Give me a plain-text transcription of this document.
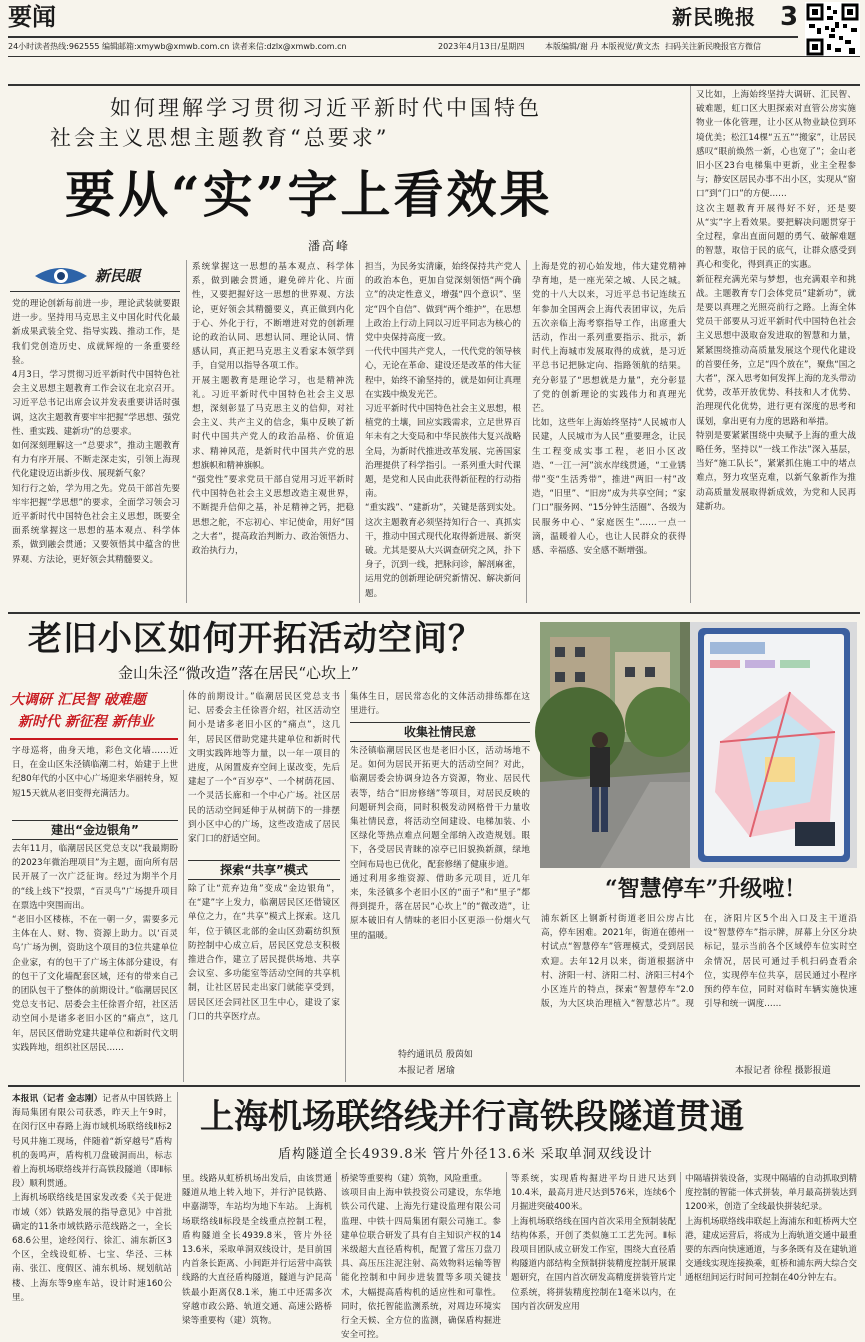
要闻	新民晚报 3
24小时读者热线:962555 编辑邮箱:xmywb@xmwb.com.cn 读者来信:dzlx@xmwb.com.cn	2023年4月13日/星期四	本版编辑/谢 丹 本版视觉/黄文杰 扫码关注新民晚报官方微信
如何理解学习贯彻习近平新时代中国特色
社会主义思想主题教育“总要求”
要从“实”字上看效果
潘高峰
新民眼
党的理论创新每前进一步，理论武装就要跟进一步。坚持用马克思主义中国化时代化最新成果武装全党、指导实践、推动工作，是我们党创造历史、成就辉煌的一条重要经验。
4月3日，学习贯彻习近平新时代中国特色社会主义思想主题教育工作会议在北京召开。习近平总书记出席会议并发表重要讲话时强调，这次主题教育要牢牢把握“学思想、强党性、重实践、建新功”的总要求。
如何深刻理解这一“总要求”，推动主题教育有力有序开展、不断走深走实，引领上海现代化建设迈出新步伐、展现新气象？
知行行之始，学为用之先。党员干部首先要牢牢把握“学思想”的要求，全面学习领会习近平新时代中国特色社会主义思想，既要全面系统掌握这一思想的基本观点、科学体系，做到融会贯通；又要领悟其中蕴含的世界观、方法论，更好领会其精髓要义。
系统掌握这一思想的基本观点、科学体系，做到融会贯通，避免碎片化、片面性，又要把握好这一思想的世界观、方法论，更好领会其精髓要义，真正做到内化于心、外化于行，不断增进对党的创新理论的政治认同、思想认同、理论认同、情感认同，真正把马克思主义看家本领学到手，自觉用以指导各项工作。
开展主题教育是理论学习，也是精神洗礼。习近平新时代中国特色社会主义思想，深刻彰显了马克思主义的信仰，对社会主义、共产主义的信念，集中反映了新时代中国共产党人的政治品格、价值追求、精神风范，是新时代中国共产党的思想旗帜和精神旗帜。
“强党性”要求党员干部自觉用习近平新时代中国特色社会主义思想改造主观世界，不断提升信仰之基，补足精神之钙，把稳思想之舵，不忘初心、牢记使命，用好“国之大者”，提高政治判断力、政治领悟力、政治执行力，
担当，为民务实清廉，始终保持共产党人的政治本色，更加自觉深刻领悟“两个确立”的决定性意义，增强“四个意识”、坚定“四个自信”、做到“两个维护”，在思想上政治上行动上同以习近平同志为核心的党中央保持高度一致。
一代代中国共产党人，一代代党的领导核心，无论在革命、建设还是改革的伟大征程中，始终不渝坚持的，就是如何让真理在实践中焕发光芒。
习近平新时代中国特色社会主义思想，根植党的土壤，回应实践需求，立足世界百年未有之大变局和中华民族伟大复兴战略全局，为新时代推进改革发展、完善国家治理提供了科学指引。一系列重大时代课题，是党和人民由此获得新征程的行动指南。
“重实践”、“建新功”，关键是落到实处。这次主题教育必须坚持知行合一、真抓实干，推动中国式现代化取得新进展、新突破。尤其是要从大兴调查研究之风，扑下身子，沉到一线，把脉问诊，解剖麻雀，运用党的创新理论研究新情况、解决新问题。
上海是党的初心始发地，伟大建党精神孕育地，是一座光荣之城、人民之城。党的十八大以来，习近平总书记连续五年参加全国两会上海代表团审议，先后五次亲临上海考察指导工作，出席重大活动，作出一系列重要指示、批示，新时代上海城市发展取得的成就，是习近平总书记把脉定向、指路领航的结果。充分彰显了“思想就是力量”，充分彰显了党的创新理论的实践伟力和真理光芒。
比如，这些年上海始终坚持“人民城市人民建，人民城市为人民”重要理念，让民生工程变成实事工程，老旧小区改造、“一江一河”滨水岸线贯通，“工业锈带”变“生活秀带”，推进“两旧一村”改造，“旧里”、“旧房”成为共享空间；“家门口”服务网、“15分钟生活圈”、各级为民服务中心、“家庭医生”……一点一滴，温暖着人心，也让人民群众的获得感、幸福感、安全感不断增强。
又比如，上海始终坚持大调研、汇民智、破难题，虹口区大胆探索对直管公房实施物业一体化管理，让小区从物业缺位到环境优美；松江14棵“五五”“搬家”，让居民感叹“眼前焕然一新，心也宽了”；金山老旧小区23台电梯集中更新，业主全程参与；静安区居民办事不出小区，实现从“窗口”到“门口”的方便……
这次主题教育开展得好不好，还是要从“实”字上看效果。要把解决问题贯穿于全过程，拿出直面问题的勇气、破解难题的智慧，取信于民的底气，让群众感受到真心和变化，得到真正的实惠。
新征程充满光荣与梦想，也充满艰辛和挑战。主题教育专门会体党员“建新功”，就是要以真理之光照亮前行之路。上海全体党员干部要从习近平新时代中国特色社会主义思想中汲取奋发进取的智慧和力量，紧紧围绕推动高质量发展这个现代化建设的首要任务，立足“四个放在”，聚焦“国之大者”，深入思考如何发挥上海的龙头带动优势，改革开放优势、科技和人才优势、治理现代化优势，进行更有深度的思考和谋划，拿出更有力度的思路和举措。
特别是要紧紧围绕中央赋予上海的重大战略任务，坚持以“一线工作法”深入基层，当好“施工队长”，紧紧抓住施工中的堵点难点，努力攻坚克难，以新气象新作为推动高质量发展取得新成效，为党和人民再建新功。
老旧小区如何开拓活动空间？
金山朱泾“微改造”落在居民“心坎上”
大调研 汇民智 破难题
新时代 新征程 新伟业
字母巡将，曲身天地，彩色文化墙……近日，在金山区朱泾镇临潮二村，始建于上世纪80年代的小区中心广场迎来华丽转身，短短15天就从老旧变得充满活力。
建出“金边银角”
去年11月，临潮居民区党总支以“我最期盼的2023年微治理项目”为主题，面向所有居民开展了一次广泛征询。经过为期半个月的“线上线下”投票，“百灵鸟”广场提升项目在票选中突围而出。
“老旧小区楼栋，不在一朝一夕，需要多元主体在人、财、物、资源上助力。以‘百灵鸟’广场为例，资助这个项目的3位共建单位企业家，有的包干了广场主体部分建设，有的包干了文化墙配套区域，还有的带来自己的团队包干了整体的前期设计。”临潮居民区党总支书记、居委会主任徐晋介绍，社区活动空间小是诸多老旧小区的“痛点”，这几年，居民区借助党建共建单位和新时代文明实践阵地，组织社区居民……
体的前期设计。”临潮居民区党总支书记、居委会主任徐晋介绍，社区活动空间小是诸多老旧小区的“痛点”，这几年，居民区借助党建共建单位和新时代文明实践阵地等力量，以一年一项目的进度，从闲置废弃空间上谋改变，先后建起了一个“百岁亭”、一个树荫花园、一个灵活长廊和一个中心广场。社区居民的活动空间延伸于从树荫下的一排摆到小区中心的广场，这些改造成了居民家门口的舒适空间。
探索“共享”模式
除了让“荒弃边角”变成“金边银角”，在“建”字上发力，临潮居民区还借镜区单位之力，在“共享”模式上探索。这几年，位于镇区北部的金山区劲霸纺织预防控制中心成立后，居民区党总支积极推进合作，建立了居民提供场地、共享会议室、多功能室等活动空间的共享机制，让社区居民走出家门就能享受到，居民区还会同社区卫生中心，建设了家门口的共享医疗点。
集体生日，居民常态化的文体活动排练都在这里进行。
收集社情民意
朱泾镇临潮居民区也是老旧小区，活动场地不足。如何为居民开拓更大的活动空间？对此，临潮居委会协调身边各方资源，物业、居民代表等，结合“旧房修缮”等项目，对居民反映的问题研判会商，同时积极发动网格骨干力量收集社情民意，将活动空间建设、电梯加装、小区绿化等热点难点问题全部纳入改造规划。眼下，各受居民青睐的凉亭已旧貌换新颜，绿地空间布局也已优化，配套修缮了健康步道。
通过利用多维资源、借助多元项目，近几年来，朱泾镇多个老旧小区的“面子”和“里子”都得到提升，落在居民“心坎上”的“微改造”，让原本破旧有人情味的老旧小区更添一份烟火气里的温暖。
特约通讯员 殷茵如
本报记者 屠瑜
“智慧停车”升级啦！
浦东新区上钢新村街道老旧公房占比高，停车困难。2021年，街道在德州一村试点“智慧停车”管理模式，受到居民欢迎。去年12月以来，街道根据济中村、济阳一村、济阳二村、济阳三村4个小区连片的特点，探索“智慧停车”2.0版，为大区块治理植入“智慧芯片”。现在，济阳片区5个出入口及主干道沿设“智慧停车”指示牌，屏幕上分区分块标记，显示当前各个区域停车位实时空余情况，居民可通过手机扫码查看余位，实现停车位共享，居民通过小程序预约停车位，同时对临时车辆实施快速引导和统一调度……
本报记者 徐程 摄影报道
本报讯（记者 金志刚）记者从中国铁路上海局集团有限公司获悉，昨天上午9时，在闵行区申春路上海市域机场联络线Ⅱ标2号风井施工现场，伴随着“新穿越号”盾构机的轰鸣声，盾构机刀盘破洞而出，标志着上海机场联络线并行高铁段隧道（即Ⅱ标段）顺利贯通。
上海机场联络线是国家发改委《关于促进市域（郊）铁路发展的指导意见》中首批确定的11条市域铁路示范线路之一，全长68.6公里，途经闵行、徐汇、浦东新区3个区，全线设虹桥、七宝、华泾、三林南、张江、度假区、浦东机场、规划航站楼、上海东等9座车站，设计时速160公里。
上海机场联络线并行高铁段隧道贯通
盾构隧道全长4939.8米 管片外径13.6米 采取单洞双线设计
里。线路从虹桥机场出发后，由该贯通隧道从地上转入地下，并行沪昆铁路、申嘉湖等，车站均为地下车站。 上海机场联络线Ⅱ标段是全线重点控制工程，盾构隧道全长4939.8米，管片外径13.6米，采取单洞双线设计，是目前国内首条长距离、小间距并行运营中高铁线路的大直径盾构隧道，隧道与沪昆高铁最小距离仅8.1米，施工中还需多次穿越市政公路、轨道交通、高速公路桥梁等重要构（建）筑物。
桥梁等重要构（建）筑物，风险重重。
该项目由上海申铁投资公司建设，东华地铁公司代建、上海先行建设监理有限公司监理、中铁十四局集团有限公司施工。参建单位联合研发了具有自主知识产权的14米级超大直径盾构机，配置了常压刀盘刀具、高压压注泥注射、高效物料运输等智能化控制和中间步进装置等多项关键技术，大幅提高盾构机的适应性和可靠性。同时，依托智能监测系统，对周边环境实行全天候、全方位的监测，确保盾构掘进安全可控。
等系统，实现盾构掘进平均日进尺达到10.4米，最高月进尺达到576米，连续6个月掘进突破400米。
上海机场联络线在国内首次采用全预制装配结构体系，开创了类似施工工艺先河。Ⅱ标段项目团队成立研发工作室，围绕大直径盾构隧道内部结构全预制拼装精度控制开展课题研究，在国内首次研发高精度拼装管片定位系统，将拼装精度控制在1毫米以内，在国内首次研发应用
中隔墙拼装设备，实现中隔墙的自动抓取到精度控制的智能一体式拼装，单月最高拼装达到1200米，创造了全线最快拼装纪录。
上海机场联络线串联起上海浦东和虹桥两大空港，建成运营后，将成为上海轨道交通中最重要的东西向快速通道，与多条既有及在建轨道交通线实现连接换乘，虹桥和浦东两大综合交通枢纽间运行时间可控制在40分钟左右。
